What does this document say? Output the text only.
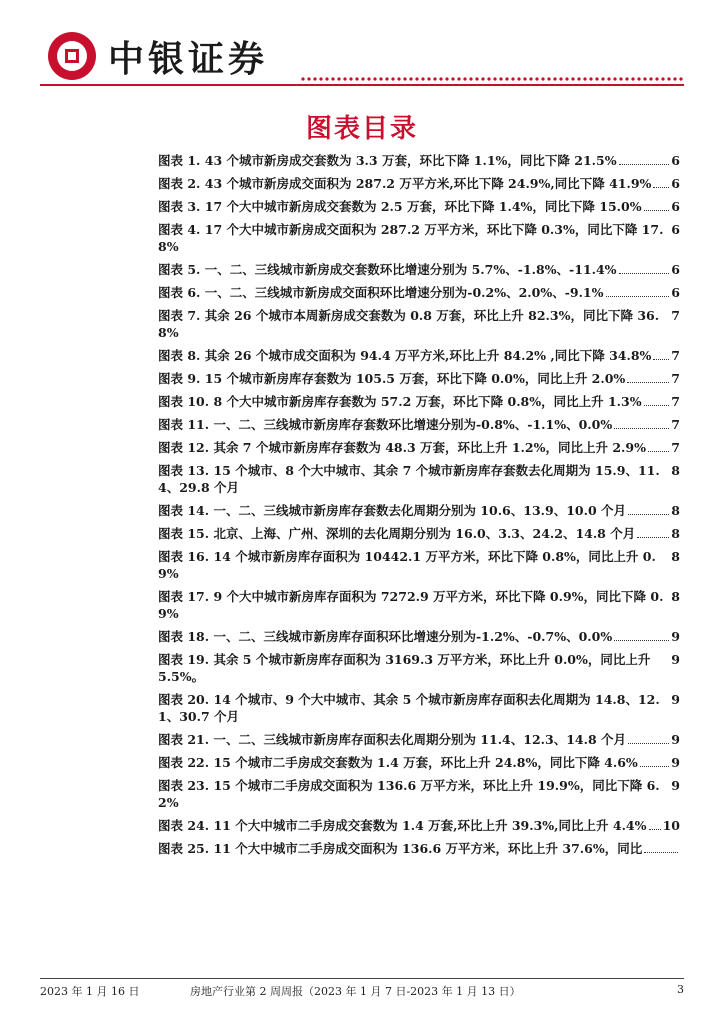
中银证券
图表目录
图表 1. 43 个城市新房成交套数为 3.3 万套，环比下降 1.1%，同比下降 21.5%	6
图表 2. 43 个城市新房成交面积为 287.2 万平方米,环比下降 24.9%,同比下降 41.9% 6
图表 3. 17 个大中城市新房成交套数为 2.5 万套，环比下降 1.4%，同比下降 15.0% 6
图表 4. 17 个大中城市新房成交面积为 287.2 万平方米，环比下降 0.3%，同比下降 17.8%
6
图表 5. 一、二、三线城市新房成交套数环比增速分别为 5.7%、-1.8%、-11.4%	6
图表 6. 一、二、三线城市新房成交面积环比增速分别为-0.2%、2.0%、-9.1%	6
图表 7. 其余 26 个城市本周新房成交套数为 0.8 万套，环比上升 82.3%，同比下降 36.8%
7
图表 8. 其余 26 个城市成交面积为 94.4 万平方米,环比上升 84.2% ,同比下降 34.8% 7
图表 9. 15 个城市新房库存套数为 105.5 万套，环比下降 0.0%，同比上升 2.0%	7
图表 10. 8 个大中城市新房库存套数为 57.2 万套，环比下降 0.8%，同比上升 1.3% 7
图表 11. 一、二、三线城市新房库存套数环比增速分别为-0.8%、-1.1%、0.0%	7
图表 12. 其余 7 个城市新房库存套数为 48.3 万套，环比上升 1.2%，同比上升 2.9% 7
图表 13. 15 个城市、8 个大中城市、其余 7 个城市新房库存套数去化周期为 15.9、11.4、29.8 个月
8
图表 14. 一、二、三线城市新房库存套数去化周期分别为 10.6、13.9、10.0 个月	8
图表 15. 北京、上海、广州、深圳的去化周期分别为 16.0、3.3、24.2、14.8 个月	8
图表 16. 14 个城市新房库存面积为 10442.1 万平方米，环比下降 0.8%，同比上升 0.9%
8
图表 17. 9 个大中城市新房库存面积为 7272.9 万平方米，环比下降 0.9%，同比下降 0.9%
8
图表 18. 一、二、三线城市新房库存面积环比增速分别为-1.2%、-0.7%、0.0%	9
图表 19. 其余 5 个城市新房库存面积为 3169.3 万平方米，环比上升 0.0%，同比上升 5.5%。
9
图表 20. 14 个城市、9 个大中城市、其余 5 个城市新房库存面积去化周期为 14.8、12.1、30.7 个月
9
图表 21. 一、二、三线城市新房库存面积去化周期分别为 11.4、12.3、14.8 个月	9
图表 22. 15 个城市二手房成交套数为 1.4 万套，环比上升 24.8%，同比下降 4.6%	9
图表 23. 15 个城市二手房成交面积为 136.6 万平方米，环比上升 19.9%，同比下降 6.2%
9
图表 24. 11 个大中城市二手房成交套数为 1.4 万套,环比上升 39.3%,同比上升 4.4% 10
图表 25. 11 个大中城市二手房成交面积为 136.6 万平方米，环比上升 37.6%，同比
2023 年 1 月 16 日	房地产行业第 2 周周报（2023 年 1 月 7 日-2023 年 1 月 13 日）	3
